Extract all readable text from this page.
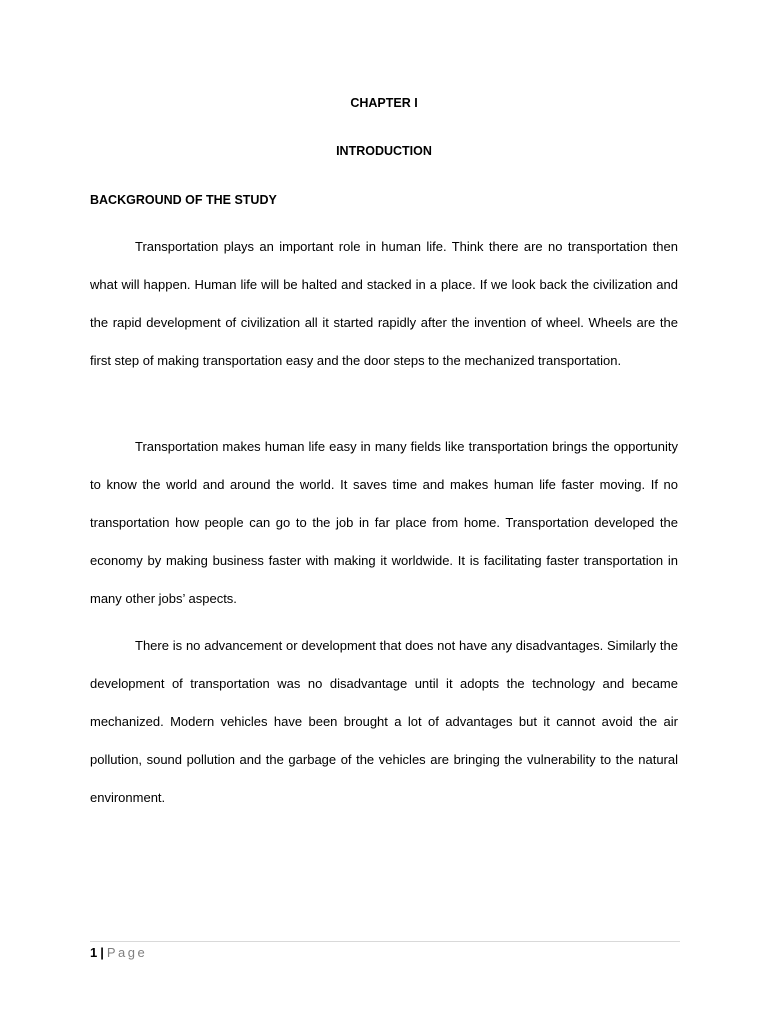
CHAPTER I
INTRODUCTION
BACKGROUND OF THE STUDY

Transportation plays an important role in human life. Think there are no transportation then what will happen. Human life will be halted and stacked in a place. If we look back the civilization and the rapid development of civilization all it started rapidly after the invention of wheel. Wheels are the first step of making transportation easy and the door steps to the mechanized transportation.

Transportation makes human life easy in many fields like transportation brings the opportunity to know the world and around the world. It saves time and makes human life faster moving. If no transportation how people can go to the job in far place from home. Transportation developed the economy by making business faster with making it worldwide. It is facilitating faster transportation in many other jobs’ aspects.

There is no advancement or development that does not have any disadvantages. Similarly the development of transportation was no disadvantage until it adopts the technology and became mechanized. Modern vehicles have been brought a lot of advantages but it cannot avoid the air pollution, sound pollution and the garbage of the vehicles are bringing the vulnerability to the natural environment.

1 | Page
